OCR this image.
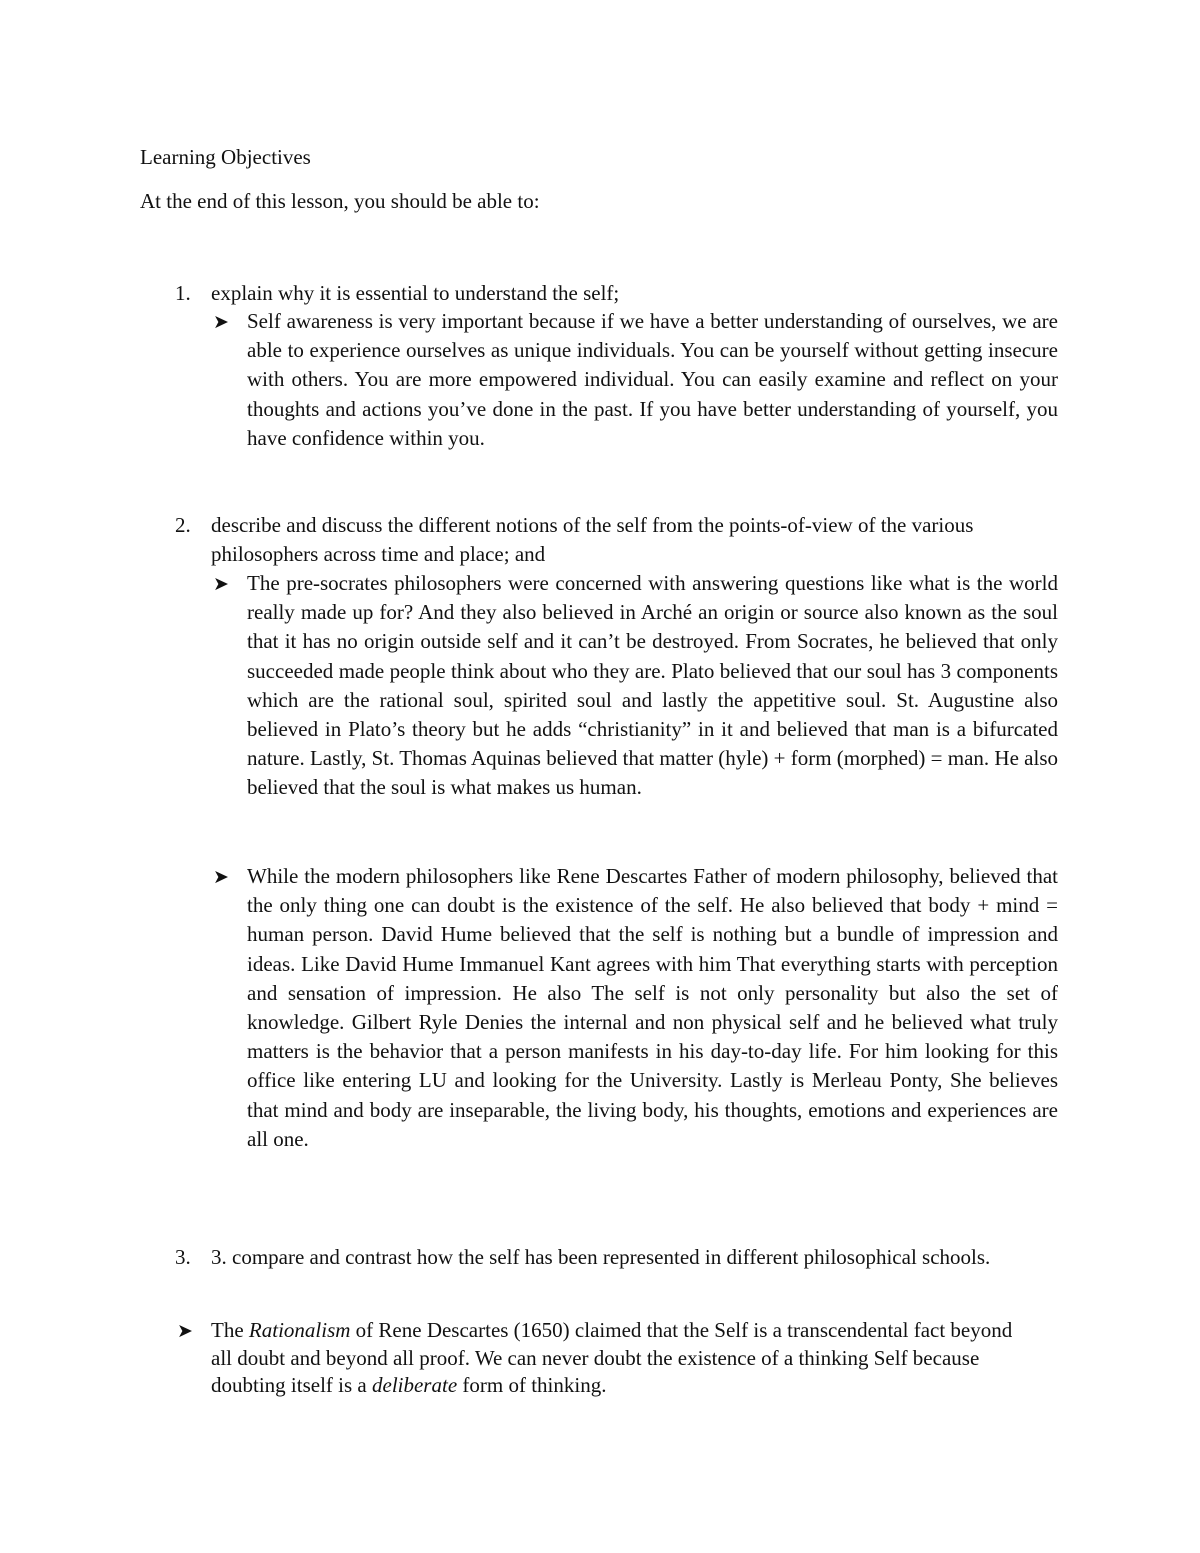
Learning Objectives
At the end of this lesson, you should be able to:
1. explain why it is essential to understand the self;
➤ Self awareness is very important because if we have a better understanding of ourselves, we are able to experience ourselves as unique individuals. You can be yourself without getting insecure with others. You are more empowered individual. You can easily examine and reflect on your thoughts and actions you’ve done in the past. If you have better understanding of yourself, you have confidence within you.
2. describe and discuss the different notions of the self from the points-of-view of the various philosophers across time and place; and
➤ The pre-socrates philosophers were concerned with answering questions like what is the world really made up for? And they also believed in Arché an origin or source also known as the soul that it has no origin outside self and it can’t be destroyed. From Socrates, he believed that only succeeded made people think about who they are. Plato believed that our soul has 3 components which are the rational soul, spirited soul and lastly the appetitive soul. St. Augustine also believed in Plato’s theory but he adds “christianity” in it and believed that man is a bifurcated nature. Lastly, St. Thomas Aquinas believed that matter (hyle) + form (morphed) = man. He also believed that the soul is what makes us human.
➤ While the modern philosophers like Rene Descartes Father of modern philosophy, believed that the only thing one can doubt is the existence of the self. He also believed that body + mind = human person. David Hume believed that the self is nothing but a bundle of impression and ideas. Like David Hume Immanuel Kant agrees with him That everything starts with perception and sensation of impression. He also The self is not only personality but also the set of knowledge. Gilbert Ryle Denies the internal and non physical self and he believed what truly matters is the behavior that a person manifests in his day-to-day life. For him looking for this office like entering LU and looking for the University. Lastly is Merleau Ponty, She believes that mind and body are inseparable, the living body, his thoughts, emotions and experiences are all one.
3. 3. compare and contrast how the self has been represented in different philosophical schools.
➤ The Rationalism of Rene Descartes (1650) claimed that the Self is a transcendental fact beyond all doubt and beyond all proof. We can never doubt the existence of a thinking Self because doubting itself is a deliberate form of thinking.
